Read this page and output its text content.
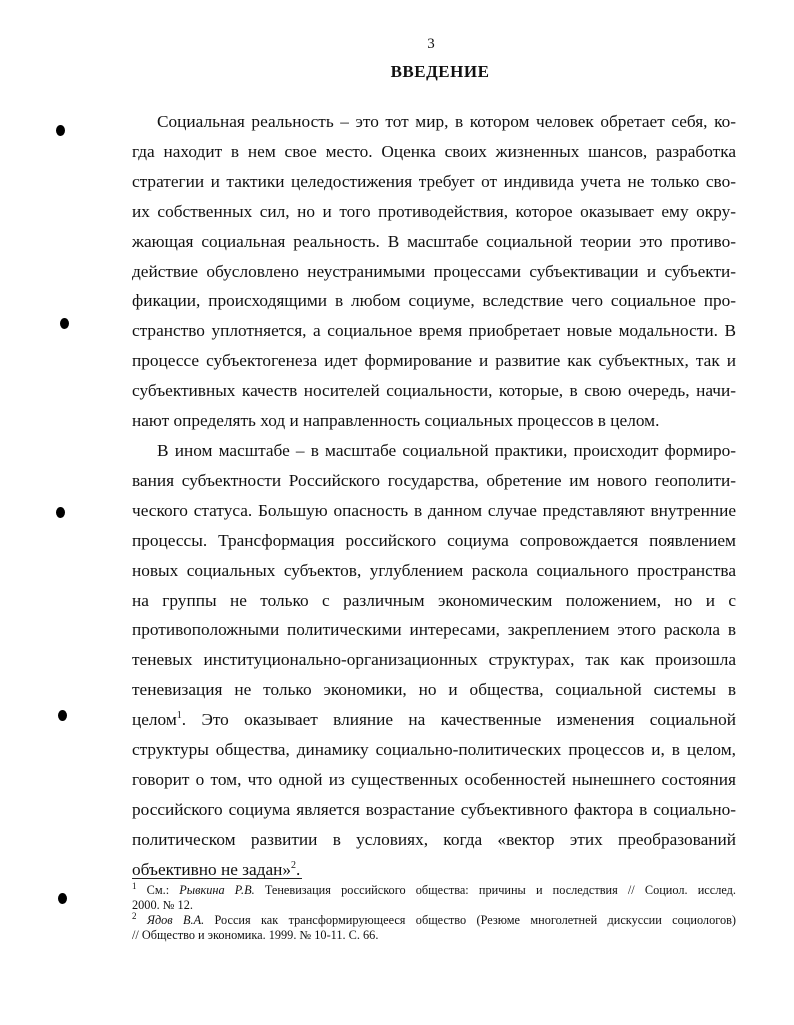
3
ВВЕДЕНИЕ
Социальная реальность – это тот мир, в котором человек обретает себя, ко-
гда находит в нем свое место. Оценка своих жизненных шансов, разработка
стратегии и тактики целедостижения требует от индивида учета не только сво-
их собственных сил, но и того противодействия, которое оказывает ему окру-
жающая социальная реальность. В масштабе социальной теории это противо-
действие обусловлено неустранимыми процессами субъективации и субъекти-
фикации, происходящими в любом социуме, вследствие чего социальное про-
странство уплотняется, а социальное время приобретает новые модальности. В
процессе субъектогенеза идет формирование и развитие как субъектных, так и
субъективных качеств носителей социальности, которые, в свою очередь, начи-
нают определять ход и направленность социальных процессов в целом.
В ином масштабе – в масштабе социальной практики, происходит формиро-
вания субъектности Российского государства, обретение им нового геополити-
ческого статуса. Большую опасность в данном случае представляют внутренние
процессы. Трансформация российского социума сопровождается появлением
новых социальных субъектов, углублением раскола социального пространства
на группы не только с различным экономическим положением, но и с
противоположными политическими интересами, закреплением этого раскола в
теневых институционально-организационных структурах, так как произошла
теневизация не только экономики, но и общества, социальной системы в
целом$^1$. Это оказывает влияние на качественные изменения социальной
структуры общества, динамику социально-политических процессов и, в целом,
говорит о том, что одной из существенных особенностей нынешнего состояния
российского социума является возрастание субъективного фактора в социально-
политическом развитии в условиях, когда «вектор этих преобразований
объективно не задан»$^2$.
$^1$ См.: Рывкина Р.В. Теневизация российского общества: причины и последствия // Социол. исслед.
2000. № 12.
$^2$ Ядов В.А. Россия как трансформирующееся общество (Резюме многолетней дискуссии социологов)
// Общество и экономика. 1999. № 10-11. С. 66.
